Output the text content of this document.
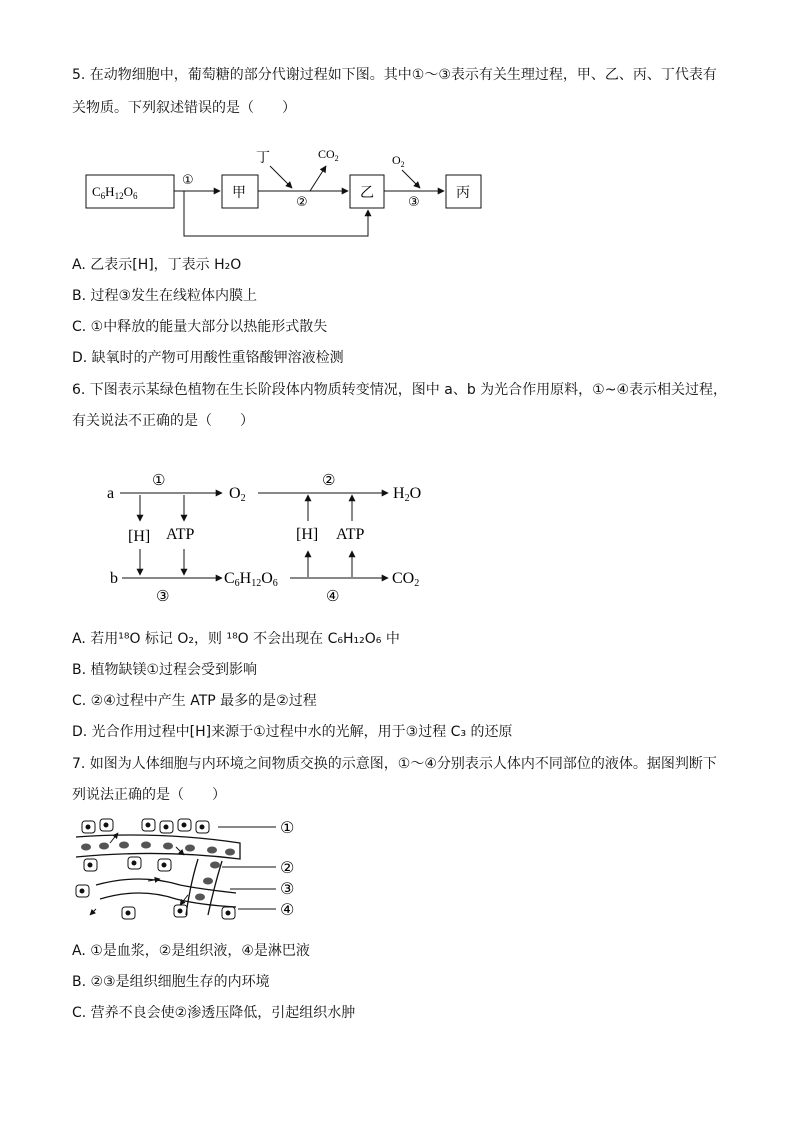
5. 在动物细胞中，葡萄糖的部分代谢过程如下图。其中①～③表示有关生理过程，甲、乙、丙、丁代表有
关物质。下列叙述错误的是（　　）
$C_6H_{12}O_6$
①
甲
②
丁	$CO_2$
乙
③
$O_2$
丙
A. 乙表示[H]，丁表示 H₂O
B. 过程③发生在线粒体内膜上
C. ①中释放的能量大部分以热能形式散失
D. 缺氧时的产物可用酸性重铬酸钾溶液检测
6. 下图表示某绿色植物在生长阶段体内物质转变情况，图中 a、b 为光合作用原料，①~④表示相关过程，
有关说法不正确的是（　　）
a
①
O2
②
H2O
[H] ATP	[H] ATP
b
③
C6H12O6
④
CO2
A. 若用¹⁸O 标记 O₂，则 ¹⁸O 不会出现在 C₆H₁₂O₆ 中
B. 植物缺镁①过程会受到影响
C. ②④过程中产生 ATP 最多的是②过程
D. 光合作用过程中[H]来源于①过程中水的光解，用于③过程 C₃ 的还原
7. 如图为人体细胞与内环境之间物质交换的示意图，①～④分别表示人体内不同部位的液体。据图判断下
列说法正确的是（　　）
①
②
③
④
A. ①是血浆，②是组织液，④是淋巴液
B. ②③是组织细胞生存的内环境
C. 营养不良会使②渗透压降低，引起组织水肿
